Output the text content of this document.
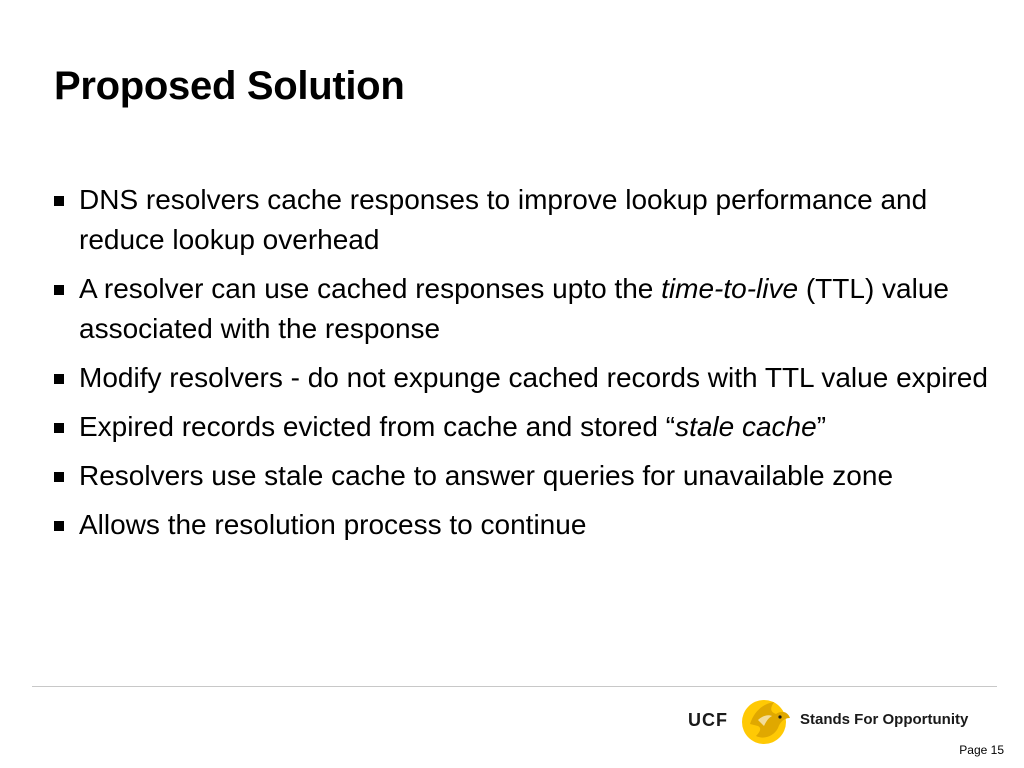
Proposed Solution
DNS resolvers cache responses to improve lookup performance and reduce lookup overhead
A resolver can use cached responses upto the time-to-live (TTL) value associated with the response
Modify resolvers - do not expunge cached records with TTL value expired
Expired records evicted from cache and stored “stale cache”
Resolvers use stale cache to answer queries for unavailable zone
Allows the resolution process to continue
UCF	Stands For Opportunity
Page 15
